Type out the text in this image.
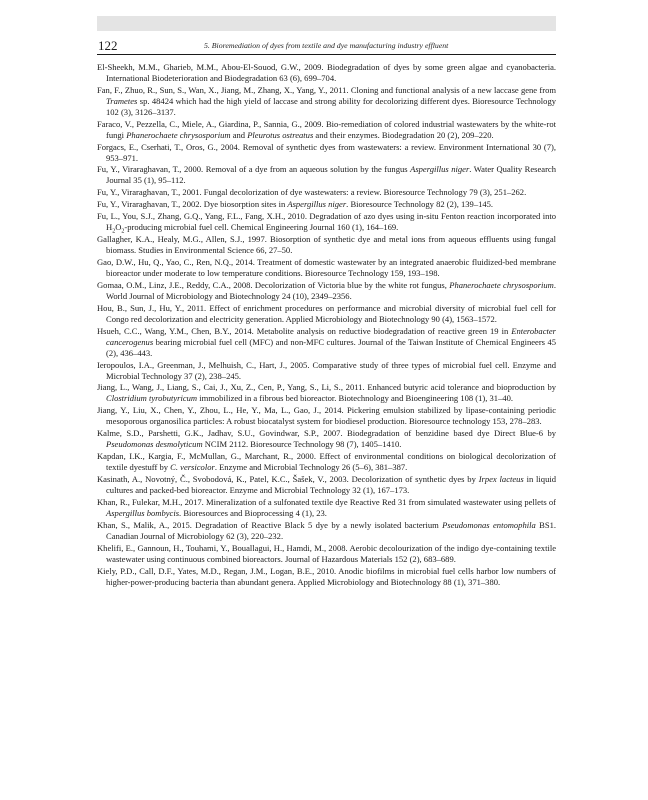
122	5. Bioremediation of dyes from textile and dye manufacturing industry effluent
El-Sheekh, M.M., Gharieb, M.M., Abou-El-Souod, G.W., 2009. Biodegradation of dyes by some green algae and cyanobacteria. International Biodeterioration and Biodegradation 63 (6), 699–704.
Fan, F., Zhuo, R., Sun, S., Wan, X., Jiang, M., Zhang, X., Yang, Y., 2011. Cloning and functional analysis of a new laccase gene from Trametes sp. 48424 which had the high yield of laccase and strong ability for decolorizing different dyes. Bioresource Technology 102 (3), 3126–3137.
Faraco, V., Pezzella, C., Miele, A., Giardina, P., Sannia, G., 2009. Bio-remediation of colored industrial wastewaters by the white-rot fungi Phanerochaete chrysosporium and Pleurotus ostreatus and their enzymes. Biodegradation 20 (2), 209–220.
Forgacs, E., Cserhati, T., Oros, G., 2004. Removal of synthetic dyes from wastewaters: a review. Environment International 30 (7), 953–971.
Fu, Y., Viraraghavan, T., 2000. Removal of a dye from an aqueous solution by the fungus Aspergillus niger. Water Quality Research Journal 35 (1), 95–112.
Fu, Y., Viraraghavan, T., 2001. Fungal decolorization of dye wastewaters: a review. Bioresource Technology 79 (3), 251–262.
Fu, Y., Viraraghavan, T., 2002. Dye biosorption sites in Aspergillus niger. Bioresource Technology 82 (2), 139–145.
Fu, L., You, S.J., Zhang, G.Q., Yang, F.L., Fang, X.H., 2010. Degradation of azo dyes using in-situ Fenton reaction incorporated into $H_2O_2$-producing microbial fuel cell. Chemical Engineering Journal 160 (1), 164–169.
Gallagher, K.A., Healy, M.G., Allen, S.J., 1997. Biosorption of synthetic dye and metal ions from aqueous effluents using fungal biomass. Studies in Environmental Science 66, 27–50.
Gao, D.W., Hu, Q., Yao, C., Ren, N.Q., 2014. Treatment of domestic wastewater by an integrated anaerobic fluidized-bed membrane bioreactor under moderate to low temperature conditions. Bioresource Technology 159, 193–198.
Gomaa, O.M., Linz, J.E., Reddy, C.A., 2008. Decolorization of Victoria blue by the white rot fungus, Phanerochaete chrysosporium. World Journal of Microbiology and Biotechnology 24 (10), 2349–2356.
Hou, B., Sun, J., Hu, Y., 2011. Effect of enrichment procedures on performance and microbial diversity of microbial fuel cell for Congo red decolorization and electricity generation. Applied Microbiology and Biotechnology 90 (4), 1563–1572.
Hsueh, C.C., Wang, Y.M., Chen, B.Y., 2014. Metabolite analysis on reductive biodegradation of reactive green 19 in Enterobacter cancerogenus bearing microbial fuel cell (MFC) and non-MFC cultures. Journal of the Taiwan Institute of Chemical Engineers 45 (2), 436–443.
Ieropoulos, I.A., Greenman, J., Melhuish, C., Hart, J., 2005. Comparative study of three types of microbial fuel cell. Enzyme and Microbial Technology 37 (2), 238–245.
Jiang, L., Wang, J., Liang, S., Cai, J., Xu, Z., Cen, P., Yang, S., Li, S., 2011. Enhanced butyric acid tolerance and bioproduction by Clostridium tyrobutyricum immobilized in a fibrous bed bioreactor. Biotechnology and Bioengineering 108 (1), 31–40.
Jiang, Y., Liu, X., Chen, Y., Zhou, L., He, Y., Ma, L., Gao, J., 2014. Pickering emulsion stabilized by lipase-containing periodic mesoporous organosilica particles: A robust biocatalyst system for biodiesel production. Bioresource technology 153, 278–283.
Kalme, S.D., Parshetti, G.K., Jadhav, S.U., Govindwar, S.P., 2007. Biodegradation of benzidine based dye Direct Blue-6 by Pseudomonas desmolyticum NCIM 2112. Bioresource Technology 98 (7), 1405–1410.
Kapdan, I.K., Kargia, F., McMullan, G., Marchant, R., 2000. Effect of environmental conditions on biological decolorization of textile dyestuff by C. versicolor. Enzyme and Microbial Technology 26 (5–6), 381–387.
Kasinath, A., Novotný, Č., Svobodová, K., Patel, K.C., Šašek, V., 2003. Decolorization of synthetic dyes by Irpex lacteus in liquid cultures and packed-bed bioreactor. Enzyme and Microbial Technology 32 (1), 167–173.
Khan, R., Fulekar, M.H., 2017. Mineralization of a sulfonated textile dye Reactive Red 31 from simulated wastewater using pellets of Aspergillus bombycis. Bioresources and Bioprocessing 4 (1), 23.
Khan, S., Malik, A., 2015. Degradation of Reactive Black 5 dye by a newly isolated bacterium Pseudomonas entomophila BS1. Canadian Journal of Microbiology 62 (3), 220–232.
Khelifi, E., Gannoun, H., Touhami, Y., Bouallagui, H., Hamdi, M., 2008. Aerobic decolourization of the indigo dye-containing textile wastewater using continuous combined bioreactors. Journal of Hazardous Materials 152 (2), 683–689.
Kiely, P.D., Call, D.F., Yates, M.D., Regan, J.M., Logan, B.E., 2010. Anodic biofilms in microbial fuel cells harbor low numbers of higher-power-producing bacteria than abundant genera. Applied Microbiology and Biotechnology 88 (1), 371–380.
